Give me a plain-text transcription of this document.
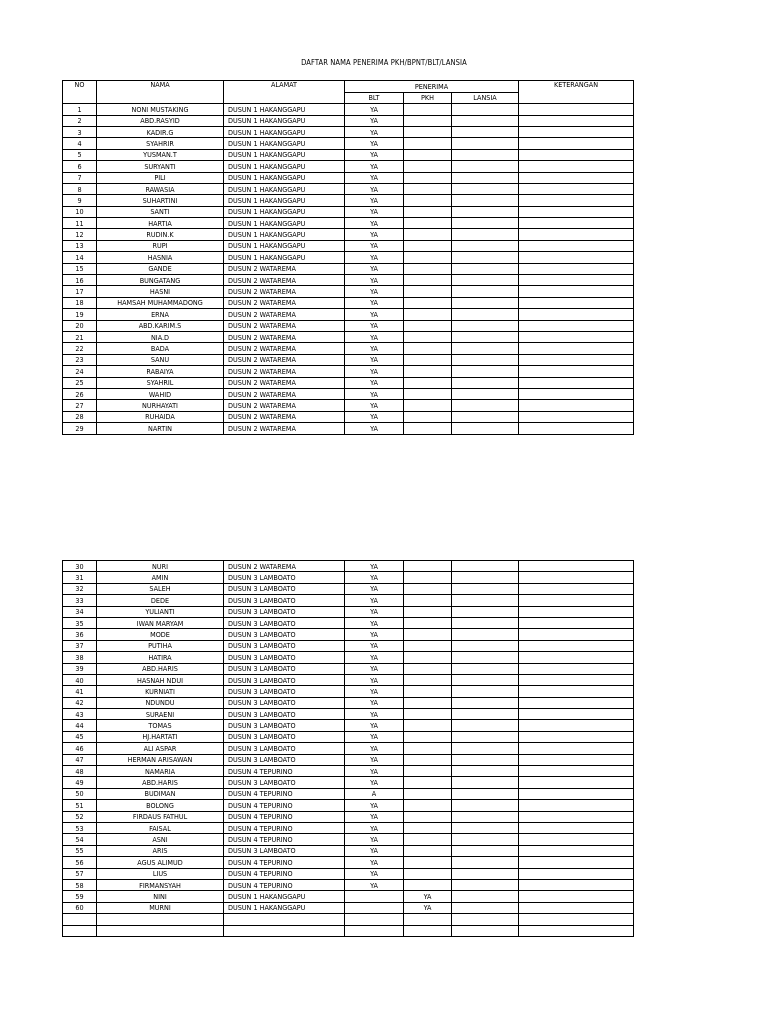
DAFTAR NAMA PENERIMA PKH/BPNT/BLT/LANSIA
NO	NAMA	ALAMAT	PENERIMA			KETERANGAN
			BLT	PKH	LANSIA	
1	NONI MUSTAKING	DUSUN 1 HAKANGGAPU	YA			
2	ABD.RASYID	DUSUN 1 HAKANGGAPU	YA			
3	KADIR.G	DUSUN 1 HAKANGGAPU	YA			
4	SYAHRIR	DUSUN 1 HAKANGGAPU	YA			
5	YUSMAN.T	DUSUN 1 HAKANGGAPU	YA			
6	SURYANTI	DUSUN 1 HAKANGGAPU	YA			
7	PILI	DUSUN 1 HAKANGGAPU	YA			
8	RAWASIA	DUSUN 1 HAKANGGAPU	YA			
9	SUHARTINI	DUSUN 1 HAKANGGAPU	YA			
10	SANTI	DUSUN 1 HAKANGGAPU	YA			
11	HARTIA	DUSUN 1 HAKANGGAPU	YA			
12	RUDIN.K	DUSUN 1 HAKANGGAPU	YA			
13	RUPI	DUSUN 1 HAKANGGAPU	YA			
14	HASNIA	DUSUN 1 HAKANGGAPU	YA			
15	GANDE	DUSUN 2 WATAREMA	YA			
16	BUNGATANG	DUSUN 2 WATAREMA	YA			
17	HASNI	DUSUN 2 WATAREMA	YA			
18	HAMSAH MUHAMMADONG	DUSUN 2 WATAREMA	YA			
19	ERNA	DUSUN 2 WATAREMA	YA			
20	ABD.KARIM.S	DUSUN 2 WATAREMA	YA			
21	NIA.D	DUSUN 2 WATAREMA	YA			
22	BADA	DUSUN 2 WATAREMA	YA			
23	SANU	DUSUN 2 WATAREMA	YA			
24	RABAIYA	DUSUN 2 WATAREMA	YA			
25	SYAHRIL	DUSUN 2 WATAREMA	YA			
26	WAHID	DUSUN 2 WATAREMA	YA			
27	NURHAYATI	DUSUN 2 WATAREMA	YA			
28	RUHAIDA	DUSUN 2 WATAREMA	YA			
29	NARTIN	DUSUN 2 WATAREMA	YA			
30	NURI	DUSUN 2 WATAREMA	YA			
31	AMIN	DUSUN 3 LAMBOATO	YA			
32	SALEH	DUSUN 3 LAMBOATO	YA			
33	DEDE	DUSUN 3 LAMBOATO	YA			
34	YULIANTI	DUSUN 3 LAMBOATO	YA			
35	IWAN MARYAM	DUSUN 3 LAMBOATO	YA			
36	MODE	DUSUN 3 LAMBOATO	YA			
37	PUTIHA	DUSUN 3 LAMBOATO	YA			
38	HATIRA	DUSUN 3 LAMBOATO	YA			
39	ABD.HARIS	DUSUN 3 LAMBOATO	YA			
40	HASNAH NDUI	DUSUN 3 LAMBOATO	YA			
41	KURNIATI	DUSUN 3 LAMBOATO	YA			
42	NDUNDU	DUSUN 3 LAMBOATO	YA			
43	SURAENI	DUSUN 3 LAMBOATO	YA			
44	TOMAS	DUSUN 3 LAMBOATO	YA			
45	HJ.HARTATI	DUSUN 3 LAMBOATO	YA			
46	ALI ASPAR	DUSUN 3 LAMBOATO	YA			
47	HERMAN ARISAWAN	DUSUN 3 LAMBOATO	YA			
48	NAMARIA	DUSUN 4 TEPURINO	YA			
49	ABD.HARIS	DUSUN 3 LAMBOATO	YA			
50	BUDIMAN	DUSUN 4 TEPURINO	A			
51	BOLONG	DUSUN 4 TEPURINO	YA			
52	FIRDAUS FATHUL	DUSUN 4 TEPURINO	YA			
53	FAISAL	DUSUN 4 TEPURINO	YA			
54	ASNI	DUSUN 4 TEPURINO	YA			
55	ARIS	DUSUN 3 LAMBOATO	YA			
56	AGUS ALIMUD	DUSUN 4 TEPURINO	YA			
57	LIUS	DUSUN 4 TEPURINO	YA			
58	FIRMANSYAH	DUSUN 4 TEPURINO	YA			
59	NINI	DUSUN 1 HAKANGGAPU		YA		
60	MURNI	DUSUN 1 HAKANGGAPU		YA		
